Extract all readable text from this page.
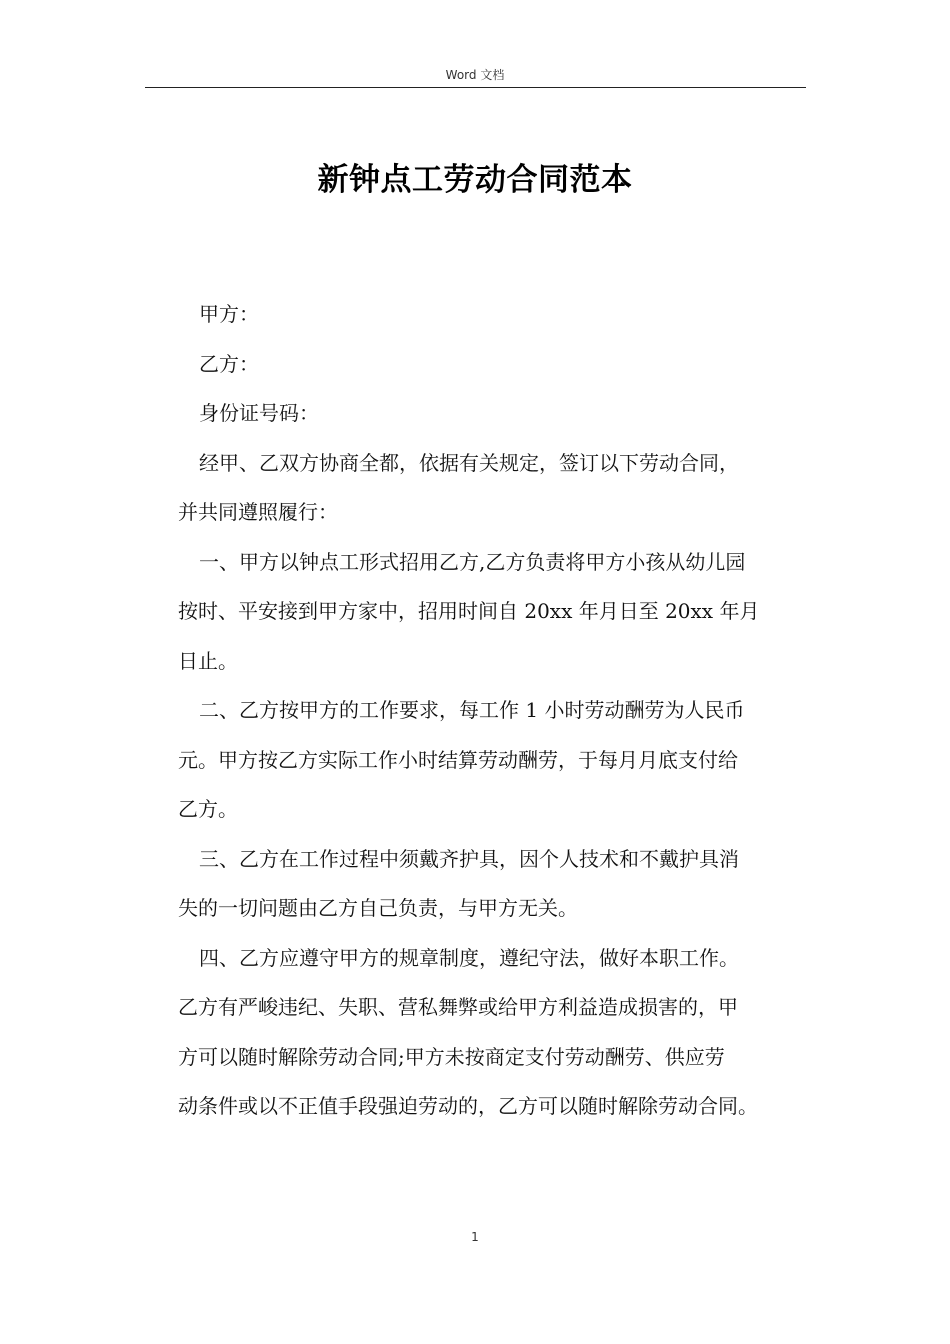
Word 文档
新钟点工劳动合同范本
甲方：
乙方：
身份证号码：
经甲、乙双方协商全都，依据有关规定，签订以下劳动合同，
并共同遵照履行：
一、甲方以钟点工形式招用乙方,乙方负责将甲方小孩从幼儿园
按时、平安接到甲方家中，招用时间自 20xx 年月日至 20xx 年月
日止。
二、乙方按甲方的工作要求，每工作 1 小时劳动酬劳为人民币
元。甲方按乙方实际工作小时结算劳动酬劳，于每月月底支付给
乙方。
三、乙方在工作过程中须戴齐护具，因个人技术和不戴护具消
失的一切问题由乙方自己负责，与甲方无关。
四、乙方应遵守甲方的规章制度，遵纪守法，做好本职工作。
乙方有严峻违纪、失职、营私舞弊或给甲方利益造成损害的，甲
方可以随时解除劳动合同;甲方未按商定支付劳动酬劳、供应劳
动条件或以不正值手段强迫劳动的，乙方可以随时解除劳动合同。
1
